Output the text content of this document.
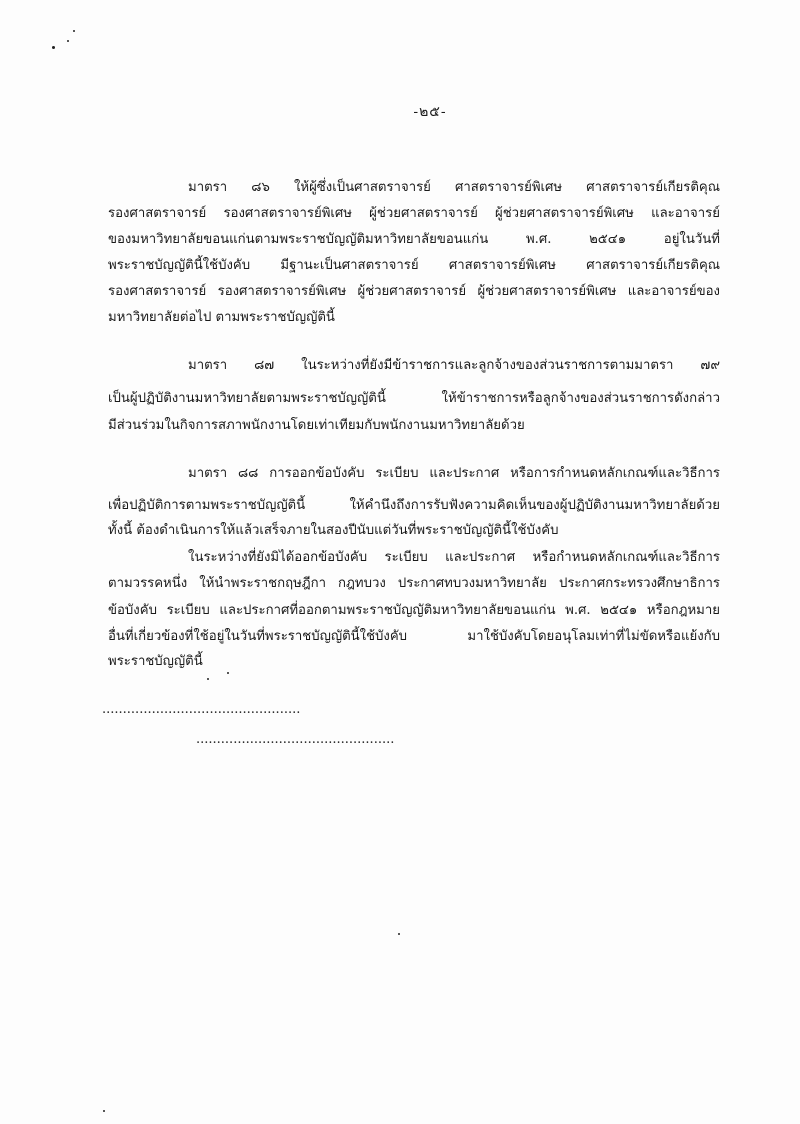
-๒๕-
มาตรา ๘๖ ให้ผู้ซึ่งเป็นศาสตราจารย์ ศาสตราจารย์พิเศษ ศาสตราจารย์เกียรติคุณ
รองศาสตราจารย์ รองศาสตราจารย์พิเศษ ผู้ช่วยศาสตราจารย์ ผู้ช่วยศาสตราจารย์พิเศษ และอาจารย์
ของมหาวิทยาลัยขอนแก่นตามพระราชบัญญัติมหาวิทยาลัยขอนแก่น พ.ศ. ๒๕๔๑ อยู่ในวันที่
พระราชบัญญัตินี้ใช้บังคับ มีฐานะเป็นศาสตราจารย์ ศาสตราจารย์พิเศษ ศาสตราจารย์เกียรติคุณ
รองศาสตราจารย์ รองศาสตราจารย์พิเศษ ผู้ช่วยศาสตราจารย์ ผู้ช่วยศาสตราจารย์พิเศษ และอาจารย์ของ
มหาวิทยาลัยต่อไป ตามพระราชบัญญัตินี้
มาตรา ๘๗ ในระหว่างที่ยังมีข้าราชการและลูกจ้างของส่วนราชการตามมาตรา ๗๙
เป็นผู้ปฏิบัติงานมหาวิทยาลัยตามพระราชบัญญัตินี้ ให้ข้าราชการหรือลูกจ้างของส่วนราชการดังกล่าว
มีส่วนร่วมในกิจการสภาพนักงานโดยเท่าเทียมกับพนักงานมหาวิทยาลัยด้วย
มาตรา ๘๘ การออกข้อบังคับ ระเบียบ และประกาศ หรือการกำหนดหลักเกณฑ์และวิธีการ
เพื่อปฏิบัติการตามพระราชบัญญัตินี้ ให้คำนึงถึงการรับฟังความคิดเห็นของผู้ปฏิบัติงานมหาวิทยาลัยด้วย
ทั้งนี้ ต้องดำเนินการให้แล้วเสร็จภายในสองปีนับแต่วันที่พระราชบัญญัตินี้ใช้บังคับ
ในระหว่างที่ยังมิได้ออกข้อบังคับ ระเบียบ และประกาศ หรือกำหนดหลักเกณฑ์และวิธีการ
ตามวรรคหนึ่ง ให้นำพระราชกฤษฎีกา กฎทบวง ประกาศทบวงมหาวิทยาลัย ประกาศกระทรวงศึกษาธิการ
ข้อบังคับ ระเบียบ และประกาศที่ออกตามพระราชบัญญัติมหาวิทยาลัยขอนแก่น พ.ศ. ๒๕๔๑ หรือกฎหมาย
อื่นที่เกี่ยวข้องที่ใช้อยู่ในวันที่พระราชบัญญัตินี้ใช้บังคับ มาใช้บังคับโดยอนุโลมเท่าที่ไม่ขัดหรือแย้งกับ
พระราชบัญญัตินี้
................................................
................................................
